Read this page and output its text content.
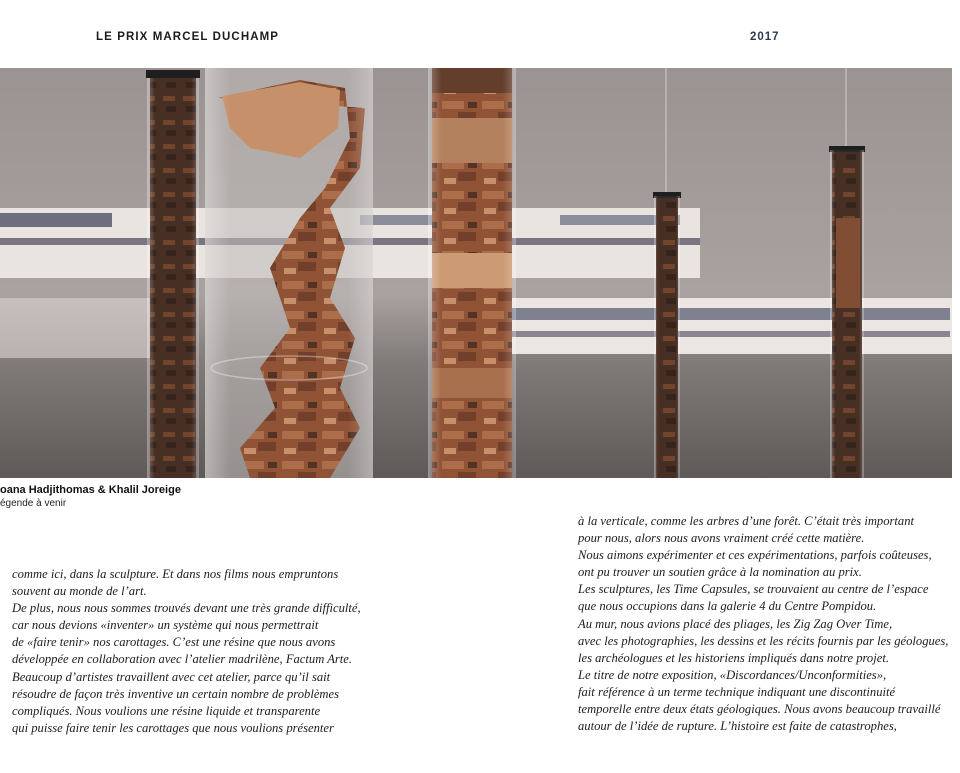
LE PRIX MARCEL DUCHAMP	2017
oana Hadjithomas & Khalil Joreige
égende à venir
comme ici, dans la sculpture. Et dans nos films nous empruntons
souvent au monde de l’art.
De plus, nous nous sommes trouvés devant une très grande difficulté,
car nous devions «inventer» un système qui nous permettrait
de «faire tenir» nos carottages. C’est une résine que nous avons
développée en collaboration avec l’atelier madrilène, Factum Arte.
Beaucoup d’artistes travaillent avec cet atelier, parce qu’il sait
résoudre de façon très inventive un certain nombre de problèmes
compliqués. Nous voulions une résine liquide et transparente
qui puisse faire tenir les carottages que nous voulions présenter
à la verticale, comme les arbres d’une forêt. C’était très important
pour nous, alors nous avons vraiment créé cette matière.
Nous aimons expérimenter et ces expérimentations, parfois coûteuses,
ont pu trouver un soutien grâce à la nomination au prix.
Les sculptures, les Time Capsules, se trouvaient au centre de l’espace
que nous occupions dans la galerie 4 du Centre Pompidou.
Au mur, nous avions placé des pliages, les Zig Zag Over Time,
avec les photographies, les dessins et les récits fournis par les géologues,
les archéologues et les historiens impliqués dans notre projet.
Le titre de notre exposition, «Discordances/Unconformities»,
fait référence à un terme technique indiquant une discontinuité
temporelle entre deux états géologiques. Nous avons beaucoup travaillé
autour de l’idée de rupture. L’histoire est faite de catastrophes,
